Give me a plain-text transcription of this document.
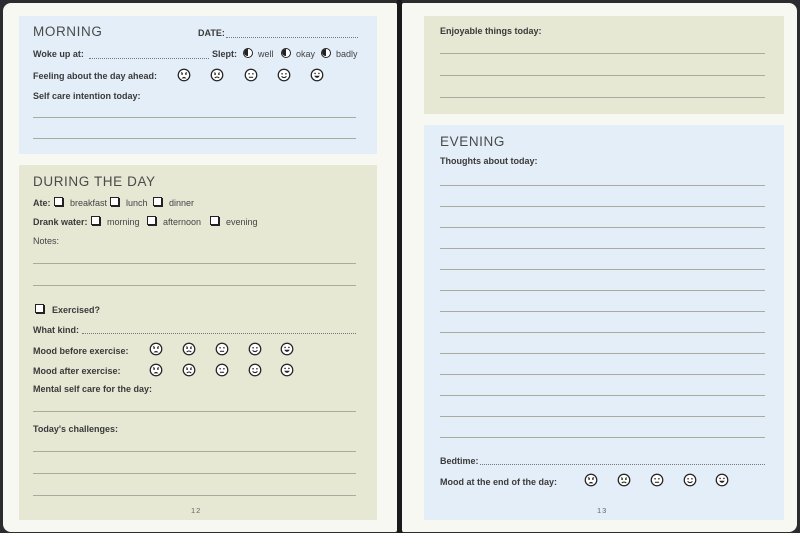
MORNING	DATE:
Woke up at:	Slept: well okay badly
Feeling about the day ahead:
Self care intention today:
DURING THE DAY
Ate: breakfast lunch dinner
Drank water: morning	afternoon	evening
Notes:
Exercised?
What kind:
Mood before exercise:
Mood after exercise:
Mental self care for the day:
Today's challenges:
12
Enjoyable things today:
EVENING
Thoughts about today:
Bedtime:
Mood at the end of the day:
13
